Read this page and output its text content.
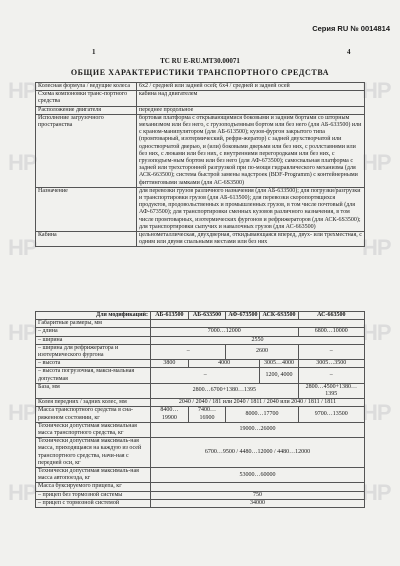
HP
HP
HP
HP
HP
HP
HP
HP
HP
HP
HP
HP
Серия RU № 0014814
1	4
ТС RU Е-RU.МТ30.00071
ОБЩИЕ ХАРАКТЕРИСТИКИ ТРАНСПОРТНОГО СРЕДСТВА
Колесная формула / ведущие колеса	6х2 / средней или задней осей; 6х4 / средней и задней осей
Схема компоновки транс-портного средства	кабина над двигателем
Расположение двигателя	переднее продольное
Исполнение загрузочного пространства	бортовая платформа с открывающимися боковыми и задним бортами со шторным механизмом или без него, с грузоподъемным бортом или без него (для АБ-633500) или с краном-манипулятором (для АБ-613500); кузов-фургон закрытого типа (промтоварный, изотермический, рефри-жератор) с задней двухстворчатой или одностворчатой дверью, и (или) боковыми дверьми или без них, с роллставнями или без них, с люками или без них, с внутренними перегородками или без них, с грузоподъем-ным бортом или без него (для АФ-673500); самосвальная платформа с задней или трехсторонней разгрузкой при по-мощи гидравлического механизма (для АСК-663500); система быстрой замены надстроек (BDF-Рrogramm) с контейнерными фиттинговыми замками (для АС-6S3500)
Назначение	для перевозки грузов различного назначения (для АБ-633500); для погрузки/разгрузки и транспортировки грузов (для АБ-613500); для перевозки скоропортящихся продуктов, продовольственных и промышленных грузов, в том числе почтовый (для АФ-673500); для транспортировки сменных кузовов различного назначения, в том числе промтоварных, изотермических фургонов и рефрижераторов (для АСК-6S3500); для транспортировки сыпучих и навалочных грузов (для АС-663500)
Кабина	цельнометаллическая, двухдверная, откидывающаяся вперед, двух- или трехместная, с одним или двумя спальными местами или без них
Для модификаций:	АБ-613500	АБ-633500	АФ-673500	АСК-6S3500	АС-663500
Габаритные размеры, мм					
– длина	7000…12000				6800…10000
– ширина	2550				
– ширина для рефрижератора и изотермического фургона	–		2600		–
– высота	3800	4000		3005…4000	3005…3500
– высота погрузочная, макси-мальная допустимая	–			1200, 4000	–
База, мм	2800…6700+1380…1395				2800…4500+1380…1395
Колея передних / задних колес, мм	2040 / 2040 / 181 или 2040 / 1811 / 2040 или 2040 / 1811 / 1811				
Масса транспортного средства в сна-ряженном состоянии, кг	8400…19900	7400…16900	8000…17700		9700…13500
Технически допустимая максимальная масса транспортного средства, кг	19000…26000				
Технически допустимая максималь-ная масса, приходящаяся на каждую из осей транспортного средства, начи-ная с передней оси, кг	6700…9500 / 4480…12000 / 4480…12000				
Технически допустимая максималь-ная масса автопоезда, кг	53000…60000				
Масса буксируемого прицепа, кг					
– прицеп без тормозной системы	750				
– прицеп с тормозной системой	34000				
